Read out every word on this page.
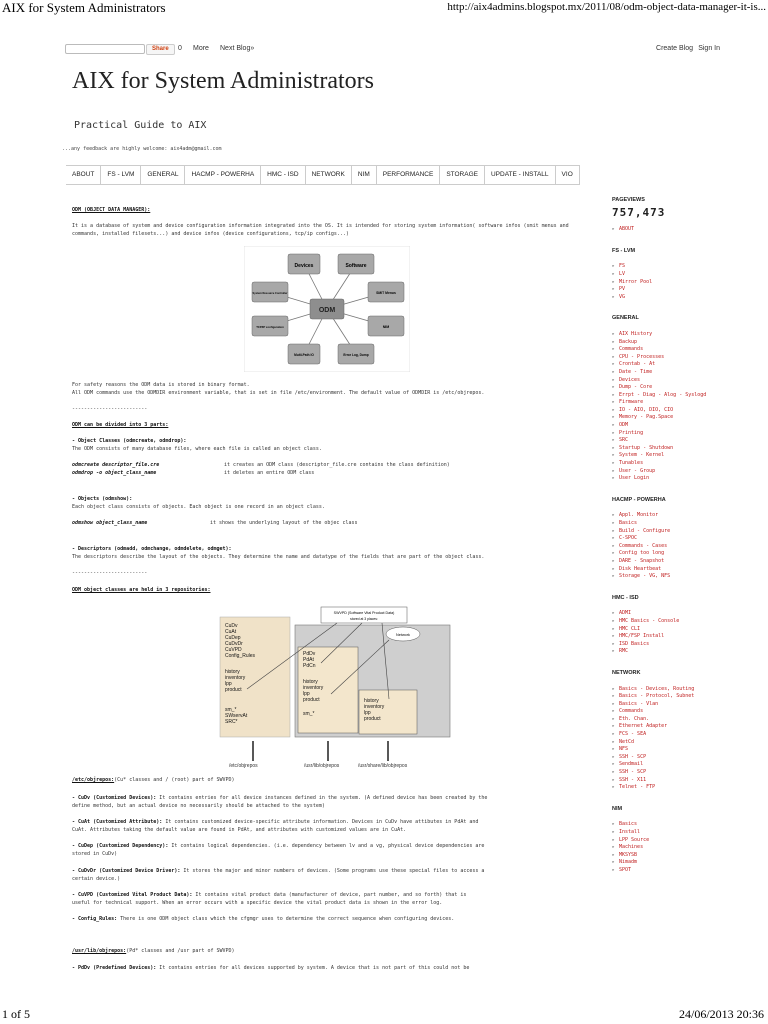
AIX for System Administrators	http://aix4admins.blogspot.mx/2011/08/odm-object-data-manager-it-is...
Share	0 More Next Blog»	Create Blog Sign In
AIX for System Administrators
Practical Guide to AIX
...any feedback are highly welcome: aix4adm@gmail.com
ABOUT	FS - LVM	GENERAL	HACMP - POWERHA	HMC - ISD	NETWORK	NIM	PERFORMANCE	STORAGE	UPDATE - INSTALL	VIO
ODM (OBJECT DATA MANAGER):
It is a database of system and device configuration information integrated into the OS. It is intended for storing system information( software infos (smit menus and commands, installed filesets...) and device infos (device configurations, tcp/ip configs...)
Devices	Software
System Resource Controller	SMIT Menus
TCP/IP configuration	NIM
Multi-Path IO	Error Log, Dump
ODM
For safety reasons the ODM data is stored in binary format.
All ODM commands use the ODMDIR environment variable, that is set in file /etc/environment. The default value of ODMDIR is /etc/objrepos.
-------------------------
ODM can be divided into 3 parts:
- Object Classes (odmcreate, odmdrop):
The ODM consists of many database files, where each file is called an object class.
odmcreate descriptor_file.cre	it creates an ODM class (descriptor_file.cre contains the class definition)
odmdrop -o object_class_name	it deletes an entire ODM class
- Objects (odmshow):
Each object class consists of objects. Each object is one record in an object class.
odmshow object_class_name	it shows the underlying layout of the objec class
- Descriptors (odmadd, odmchange, odmdelete, odmget):
The descriptors describe the layout of the objects. They determine the name and datatype of the fields that are part of the object class.
-------------------------
ODM object classes are held in 3 repositories:
SWVPD (Software Vital Product Data)
stored at 3 places:
Network
CuDv
CuAt
CuDep
CuDvDr
CuVPD
Config_Rules
history
inventory
lpp
product
sm_*
SWservAt
SRC*
PdDv
PdAt
PdCn
history
inventory
lpp
product
sm_*
history
inventory
lpp
product
/etc/objrepos	/usr/lib/objrepos	/usr/share/lib/objrepos
/etc/objrepos:(Cu* classes and / (root) part of SWVPD)
- CuDv (Customized Devices): It contains entries for all device instances defined in the system. (A defined device has been created by the
define method, but an actual device no necessarily should be attached to the system)
- CuAt (Customized Attribute): It contains customized device-specific attribute information. Devices in CuDv have attibutes in PdAt and
CuAt. Attributes taking the default value are found in PdAt, and attributes with customized values are in CuAt.
- CuDep (Customized Dependency): It contains logical dependencies. (i.e. dependency between lv and a vg, physical device dependencies are
stored in CuDv)
- CuDvDr (Customized Device Driver): It stores the major and minor numbers of devices. (Some programs use these special files to access a
certain device.)
- CuVPD (Customized Vital Product Data): It contains vital product data (manufacturer of device, part number, and so forth) that is
useful for technical support. When an error occurs with a specific device the vital product data is shown in the error log.
- Config_Rules: There is one ODM object class which the cfgmgr uses to determine the correct sequence when configuring devices.
/usr/lib/objrepos:(Pd* classes and /usr part of SWVPD)
- PdDv (Predefined Devices): It contains entries for all devices supported by system. A device that is not part of this could not be
PAGEVIEWS
757,473
▸ ABOUT
FS - LVM
▸ FS
▸ LV
▸ Mirror Pool
▸ PV
▸ VG
GENERAL
▸ AIX History
▸ Backup
▸ Commands
▸ CPU - Processes
▸ Crontab - At
▸ Date - Time
▸ Devices
▸ Dump - Core
▸ Errpt - Diag - Alog - Syslogd
▸ Firmware
▸ IO - AIO, DIO, CIO
▸ Memory - Pag.Space
▸ ODM
▸ Printing
▸ SRC
▸ Startup - Shutdown
▸ System - Kernel
▸ Tunables
▸ User - Group
▸ User Login
HACMP - POWERHA
▸ Appl. Monitor
▸ Basics
▸ Build - Configure
▸ C-SPOC
▸ Commands - Cases
▸ Config too long
▸ DARE - Snapshot
▸ Disk Heartbeat
▸ Storage - VG, NFS
HMC - ISD
▸ ADMI
▸ HMC Basics - Console
▸ HMC CLI
▸ HMC/FSP Install
▸ ISD Basics
▸ RMC
NETWORK
▸ Basics - Devices, Routing
▸ Basics - Protocol, Subnet
▸ Basics - Vlan
▸ Commands
▸ Eth. Chan.
▸ Ethernet Adapter
▸ FCS - SEA
▸ NetCd
▸ NFS
▸ SSH - SCP
▸ Sendmail
▸ SSH - SCP
▸ SSH - X11
▸ Telnet - FTP
NIM
▸ Basics
▸ Install
▸ LPP Source
▸ Machines
▸ MKSYSB
▸ Nimadm
▸ SPOT
1 of 5	24/06/2013 20:36
